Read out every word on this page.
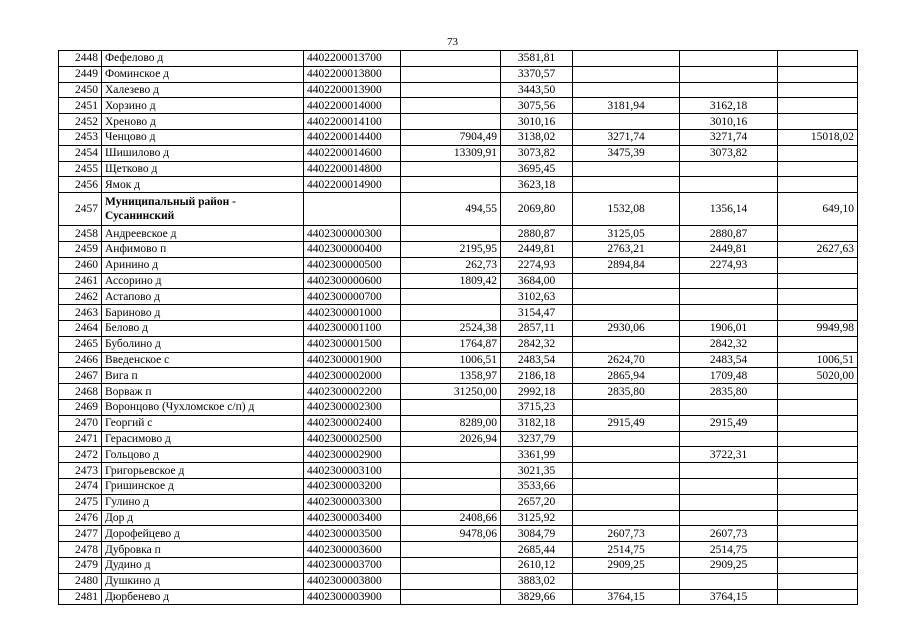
73
2448	Фефелово д	4402200013700		3581,81			
2449	Фоминское д	4402200013800		3370,57			
2450	Халезево д	4402200013900		3443,50			
2451	Хорзино д	4402200014000		3075,56	3181,94	3162,18	
2452	Хреново д	4402200014100		3010,16		3010,16	
2453	Ченцово д	4402200014400	7904,49	3138,02	3271,74	3271,74	15018,02
2454	Шишилово д	4402200014600	13309,91	3073,82	3475,39	3073,82	
2455	Щетково д	4402200014800		3695,45			
2456	Ямок д	4402200014900		3623,18			
2457	Муниципальный район - Сусанинский		494,55	2069,80	1532,08	1356,14	649,10
2458	Андреевское д	4402300000300		2880,87	3125,05	2880,87	
2459	Анфимово п	4402300000400	2195,95	2449,81	2763,21	2449,81	2627,63
2460	Аринино д	4402300000500	262,73	2274,93	2894,84	2274,93	
2461	Ассорино д	4402300000600	1809,42	3684,00			
2462	Астапово д	4402300000700		3102,63			
2463	Бариново д	4402300001000		3154,47			
2464	Белово д	4402300001100	2524,38	2857,11	2930,06	1906,01	9949,98
2465	Буболино д	4402300001500	1764,87	2842,32		2842,32	
2466	Введенское с	4402300001900	1006,51	2483,54	2624,70	2483,54	1006,51
2467	Вига п	4402300002000	1358,97	2186,18	2865,94	1709,48	5020,00
2468	Ворваж п	4402300002200	31250,00	2992,18	2835,80	2835,80	
2469	Воронцово (Чухломское с/п) д	4402300002300		3715,23			
2470	Георгий с	4402300002400	8289,00	3182,18	2915,49	2915,49	
2471	Герасимово д	4402300002500	2026,94	3237,79			
2472	Гольцово д	4402300002900		3361,99		3722,31	
2473	Григорьевское д	4402300003100		3021,35			
2474	Гришинское д	4402300003200		3533,66			
2475	Гулино д	4402300003300		2657,20			
2476	Дор д	4402300003400	2408,66	3125,92			
2477	Дорофейцево д	4402300003500	9478,06	3084,79	2607,73	2607,73	
2478	Дубровка п	4402300003600		2685,44	2514,75	2514,75	
2479	Дудино д	4402300003700		2610,12	2909,25	2909,25	
2480	Душкино д	4402300003800		3883,02			
2481	Дюрбенево д	4402300003900		3829,66	3764,15	3764,15	
